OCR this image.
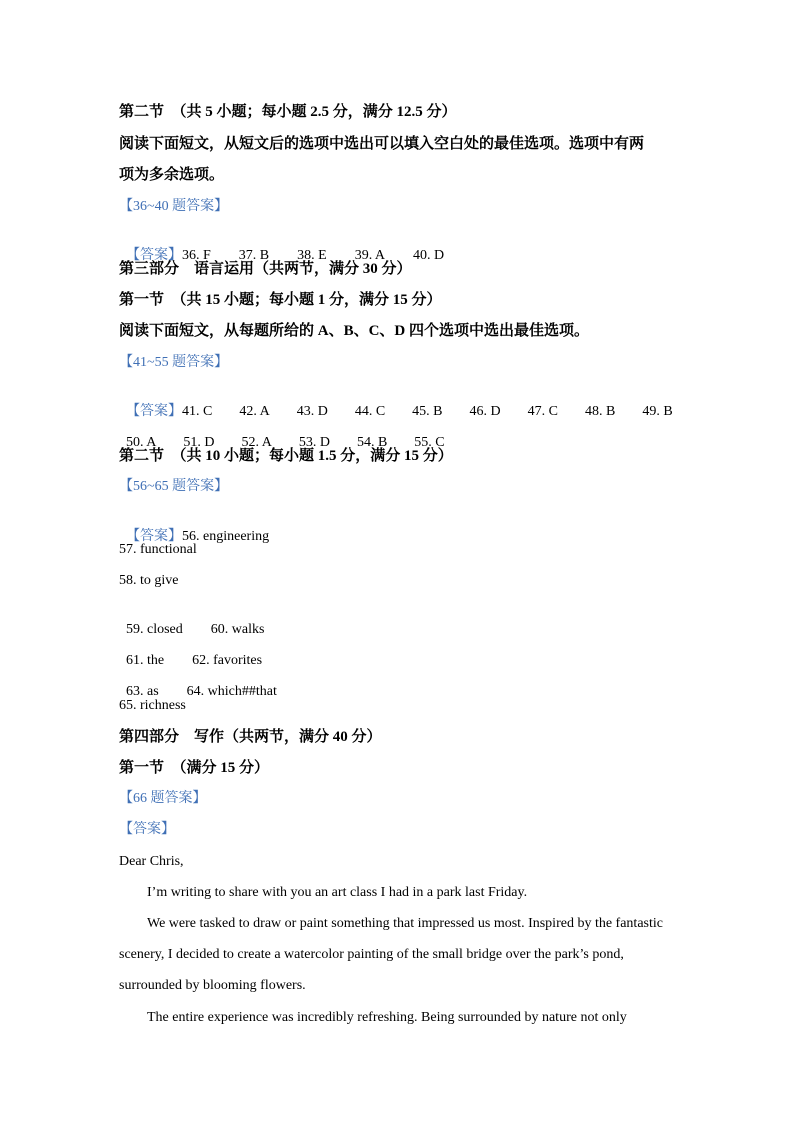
第二节　（共 5 小题；每小题 2.5 分，满分 12.5 分）
阅读下面短文，从短文后的选项中选出可以填入空白处的最佳选项。选项中有两
项为多余选项。
【36~40 题答案】

【答案】36. F 37. B 38. E 39. A 40. D

第三部分　语言运用（共两节，满分 30 分）
第一节　（共 15 小题；每小题 1 分，满分 15 分）
阅读下面短文，从每题所给的 A、B、C、D 四个选项中选出最佳选项。
【41~55 题答案】

【答案】41. C 42. A 43. D 44. C 45. B 46. D 47. C 48. B 49. B

50. A 51. D 52. A 53. D 54. B 55. C

第二节　（共 10 小题；每小题 1.5 分，满分 15 分）
【56~65 题答案】

【答案】56. engineering

57. functional
58. to give

59. closed 60. walks

61. the 62. favorites

63. as 64. which##that

65. richness
第四部分　写作（共两节，满分 40 分）
第一节　（满分 15 分）
【66 题答案】
【答案】
Dear Chris,
I’m writing to share with you an art class I had in a park last Friday.
We were tasked to draw or paint something that impressed us most. Inspired by the fantastic
scenery, I decided to create a watercolor painting of the small bridge over the park’s pond,
surrounded by blooming flowers.
The entire experience was incredibly refreshing. Being surrounded by nature not only
